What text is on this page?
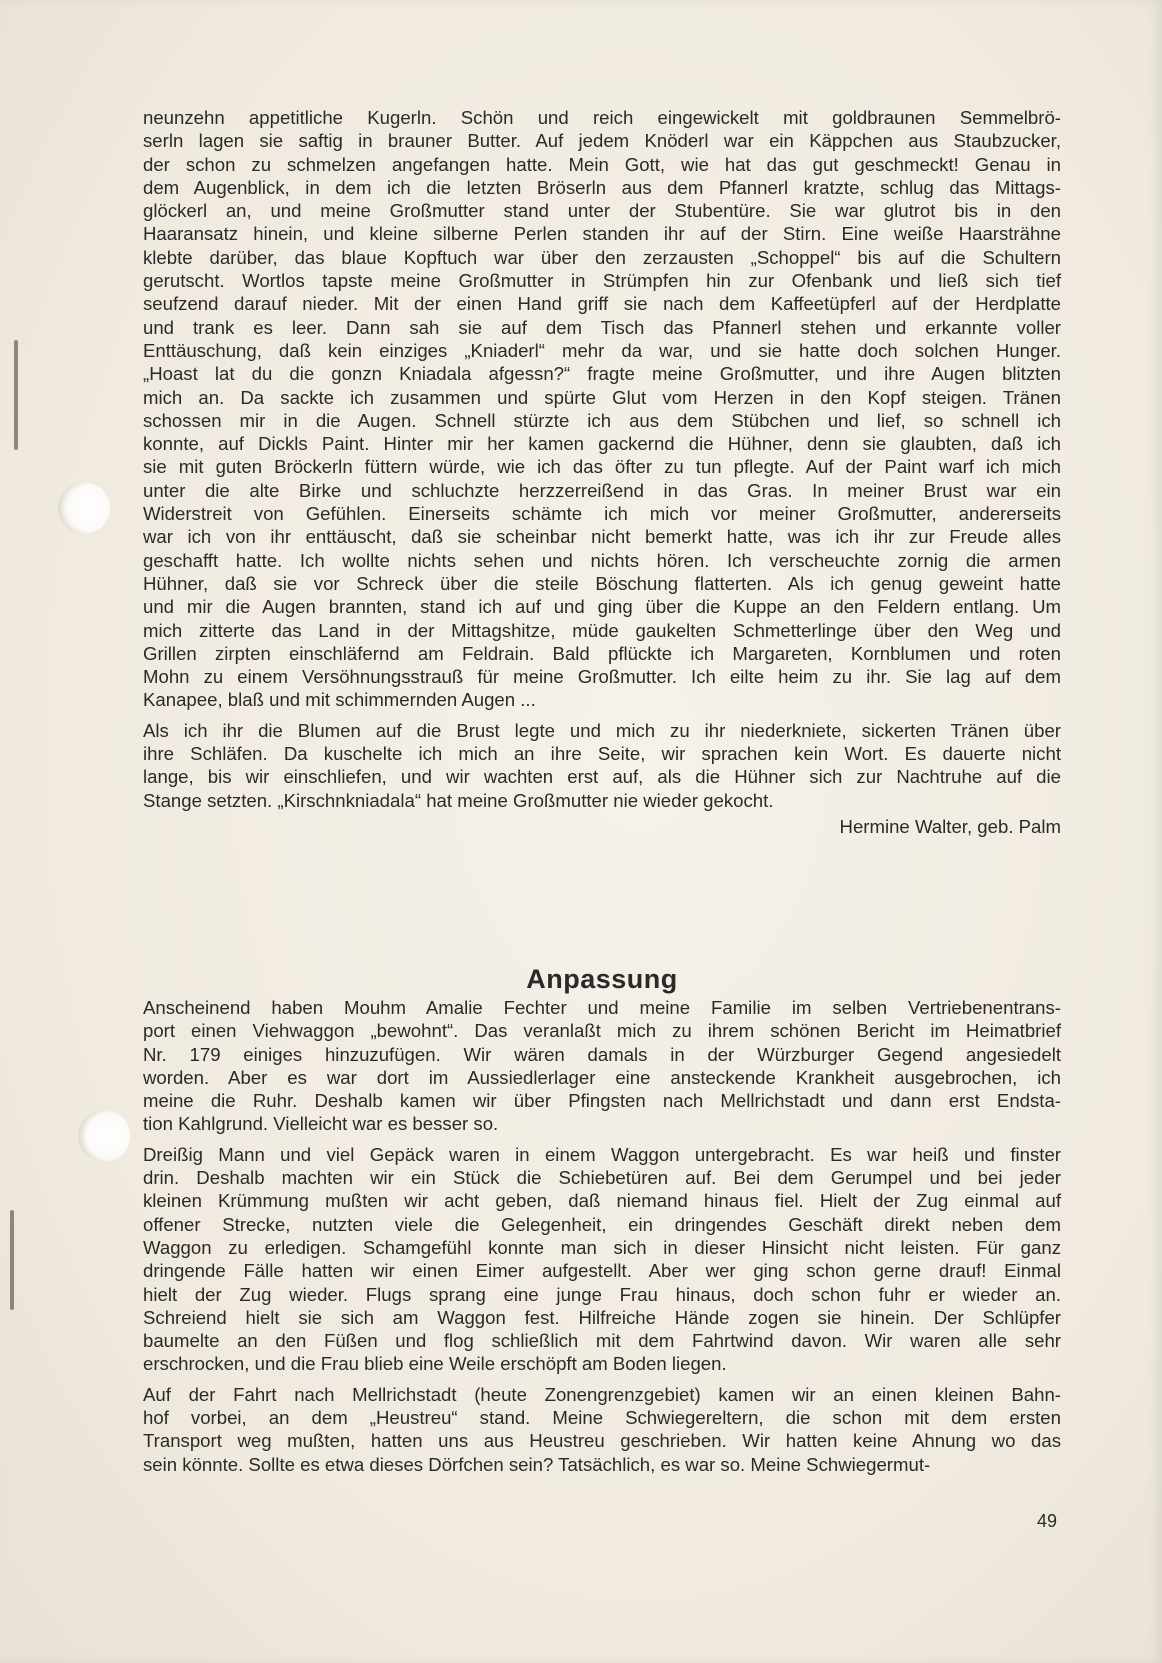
neunzehn appetitliche Kugerln. Schön und reich eingewickelt mit goldbraunen Semmelbrö-
serln lagen sie saftig in brauner Butter. Auf jedem Knöderl war ein Käppchen aus Staubzucker,
der schon zu schmelzen angefangen hatte. Mein Gott, wie hat das gut geschmeckt! Genau in
dem Augenblick, in dem ich die letzten Bröserln aus dem Pfannerl kratzte, schlug das Mittags-
glöckerl an, und meine Großmutter stand unter der Stubentüre. Sie war glutrot bis in den
Haaransatz hinein, und kleine silberne Perlen standen ihr auf der Stirn. Eine weiße Haarsträhne
klebte darüber, das blaue Kopftuch war über den zerzausten „Schoppel“ bis auf die Schultern
gerutscht. Wortlos tapste meine Großmutter in Strümpfen hin zur Ofenbank und ließ sich tief
seufzend darauf nieder. Mit der einen Hand griff sie nach dem Kaffeetüpferl auf der Herdplatte
und trank es leer. Dann sah sie auf dem Tisch das Pfannerl stehen und erkannte voller
Enttäuschung, daß kein einziges „Kniaderl“ mehr da war, und sie hatte doch solchen Hunger.
„Hoast lat du die gonzn Kniadala afgessn?“ fragte meine Großmutter, und ihre Augen blitzten
mich an. Da sackte ich zusammen und spürte Glut vom Herzen in den Kopf steigen. Tränen
schossen mir in die Augen. Schnell stürzte ich aus dem Stübchen und lief, so schnell ich
konnte, auf Dickls Paint. Hinter mir her kamen gackernd die Hühner, denn sie glaubten, daß ich
sie mit guten Bröckerln füttern würde, wie ich das öfter zu tun pflegte. Auf der Paint warf ich mich
unter die alte Birke und schluchzte herzzerreißend in das Gras. In meiner Brust war ein
Widerstreit von Gefühlen. Einerseits schämte ich mich vor meiner Großmutter, andererseits
war ich von ihr enttäuscht, daß sie scheinbar nicht bemerkt hatte, was ich ihr zur Freude alles
geschafft hatte. Ich wollte nichts sehen und nichts hören. Ich verscheuchte zornig die armen
Hühner, daß sie vor Schreck über die steile Böschung flatterten. Als ich genug geweint hatte
und mir die Augen brannten, stand ich auf und ging über die Kuppe an den Feldern entlang. Um
mich zitterte das Land in der Mittagshitze, müde gaukelten Schmetterlinge über den Weg und
Grillen zirpten einschläfernd am Feldrain. Bald pflückte ich Margareten, Kornblumen und roten
Mohn zu einem Versöhnungsstrauß für meine Großmutter. Ich eilte heim zu ihr. Sie lag auf dem
Kanapee, blaß und mit schimmernden Augen ...
Als ich ihr die Blumen auf die Brust legte und mich zu ihr niederkniete, sickerten Tränen über
ihre Schläfen. Da kuschelte ich mich an ihre Seite, wir sprachen kein Wort. Es dauerte nicht
lange, bis wir einschliefen, und wir wachten erst auf, als die Hühner sich zur Nachtruhe auf die
Stange setzten. „Kirschnkniadala“ hat meine Großmutter nie wieder gekocht.
Hermine Walter, geb. Palm
Anpassung
Anscheinend haben Mouhm Amalie Fechter und meine Familie im selben Vertriebenentrans-
port einen Viehwaggon „bewohnt“. Das veranlaßt mich zu ihrem schönen Bericht im Heimatbrief
Nr. 179 einiges hinzuzufügen. Wir wären damals in der Würzburger Gegend angesiedelt
worden. Aber es war dort im Aussiedlerlager eine ansteckende Krankheit ausgebrochen, ich
meine die Ruhr. Deshalb kamen wir über Pfingsten nach Mellrichstadt und dann erst Endsta-
tion Kahlgrund. Vielleicht war es besser so.
Dreißig Mann und viel Gepäck waren in einem Waggon untergebracht. Es war heiß und finster
drin. Deshalb machten wir ein Stück die Schiebetüren auf. Bei dem Gerumpel und bei jeder
kleinen Krümmung mußten wir acht geben, daß niemand hinaus fiel. Hielt der Zug einmal auf
offener Strecke, nutzten viele die Gelegenheit, ein dringendes Geschäft direkt neben dem
Waggon zu erledigen. Schamgefühl konnte man sich in dieser Hinsicht nicht leisten. Für ganz
dringende Fälle hatten wir einen Eimer aufgestellt. Aber wer ging schon gerne drauf! Einmal
hielt der Zug wieder. Flugs sprang eine junge Frau hinaus, doch schon fuhr er wieder an.
Schreiend hielt sie sich am Waggon fest. Hilfreiche Hände zogen sie hinein. Der Schlüpfer
baumelte an den Füßen und flog schließlich mit dem Fahrtwind davon. Wir waren alle sehr
erschrocken, und die Frau blieb eine Weile erschöpft am Boden liegen.
Auf der Fahrt nach Mellrichstadt (heute Zonengrenzgebiet) kamen wir an einen kleinen Bahn-
hof vorbei, an dem „Heustreu“ stand. Meine Schwiegereltern, die schon mit dem ersten
Transport weg mußten, hatten uns aus Heustreu geschrieben. Wir hatten keine Ahnung wo das
sein könnte. Sollte es etwa dieses Dörfchen sein? Tatsächlich, es war so. Meine Schwiegermut-
49
